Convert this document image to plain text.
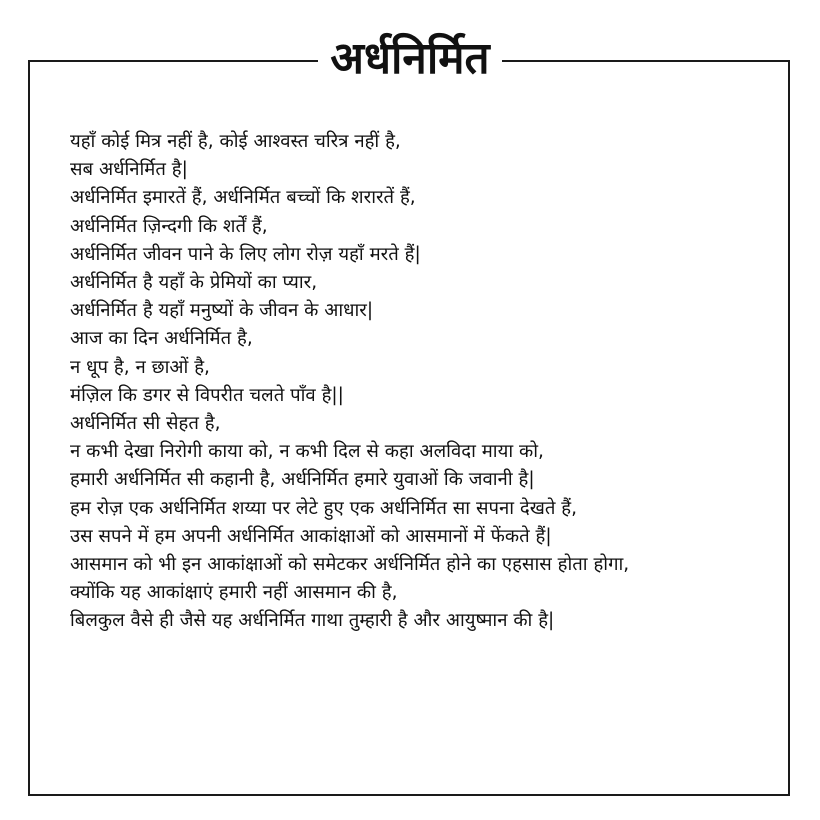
अर्धनिर्मित
यहाँ कोई मित्र नहीं है, कोई आश्वस्त चरित्र नहीं है,
सब अर्धनिर्मित है|
अर्धनिर्मित इमारतें हैं, अर्धनिर्मित बच्चों कि शरारतें हैं,
अर्धनिर्मित ज़िन्दगी कि शर्तें हैं,
अर्धनिर्मित जीवन पाने के लिए लोग रोज़ यहाँ मरते हैं|
अर्धनिर्मित है यहाँ के प्रेमियों का प्यार,
अर्धनिर्मित है यहाँ मनुष्यों के जीवन के आधार|
आज का दिन अर्धनिर्मित है,
न धूप है, न छाओं है,
मंज़िल कि डगर से विपरीत चलते पाँव है||
अर्धनिर्मित सी सेहत है,
न कभी देखा निरोगी काया को, न कभी दिल से कहा अलविदा माया को,
हमारी अर्धनिर्मित सी कहानी है, अर्धनिर्मित हमारे युवाओं कि जवानी है|
हम रोज़ एक अर्धनिर्मित शय्या पर लेटे हुए एक अर्धनिर्मित सा सपना देखते हैं,
उस सपने में हम अपनी अर्धनिर्मित आकांक्षाओं को आसमानों में फेंकते हैं|
आसमान को भी इन आकांक्षाओं को समेटकर अर्धनिर्मित होने का एहसास होता होगा,
क्योंकि यह आकांक्षाएं हमारी नहीं आसमान की है,
बिलकुल वैसे ही जैसे यह अर्धनिर्मित गाथा तुम्हारी है और आयुष्मान की है|
